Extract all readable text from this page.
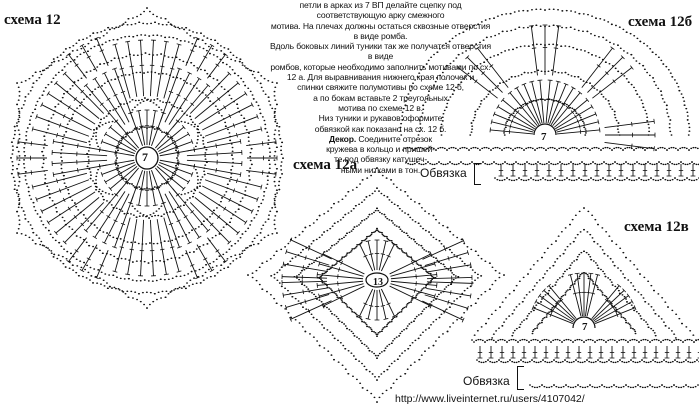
схема 12
схема 12а
схема 12б
схема 12в
петли в арках из 7 ВП делайте сцепку под соответствующую арку смежного
мотива. На плечах должны остаться сквозные отверстия в виде ромба.
Вдоль боковых линий туники так же получатся отверстия в виде
ромбов, которые необходимо заполнить мотивами по сх.
12 а. Для выравнивания нижнего края полочек и
спинки свяжите полумотивы по схеме 12 б,
а по бокам вставьте 2 треугольных
мотива по схеме 12 в.
Низ туники и рукавов оформите
обвязкой как показано на сх. 12 б.
Декор. Соедините отрезок
кружева в кольцо и пришей-
те под обвязку катушеч-
ными нитками в тон. Обвязка
Обвязка
http://www.liveinternet.ru/users/4107042/
7
13
7
7
